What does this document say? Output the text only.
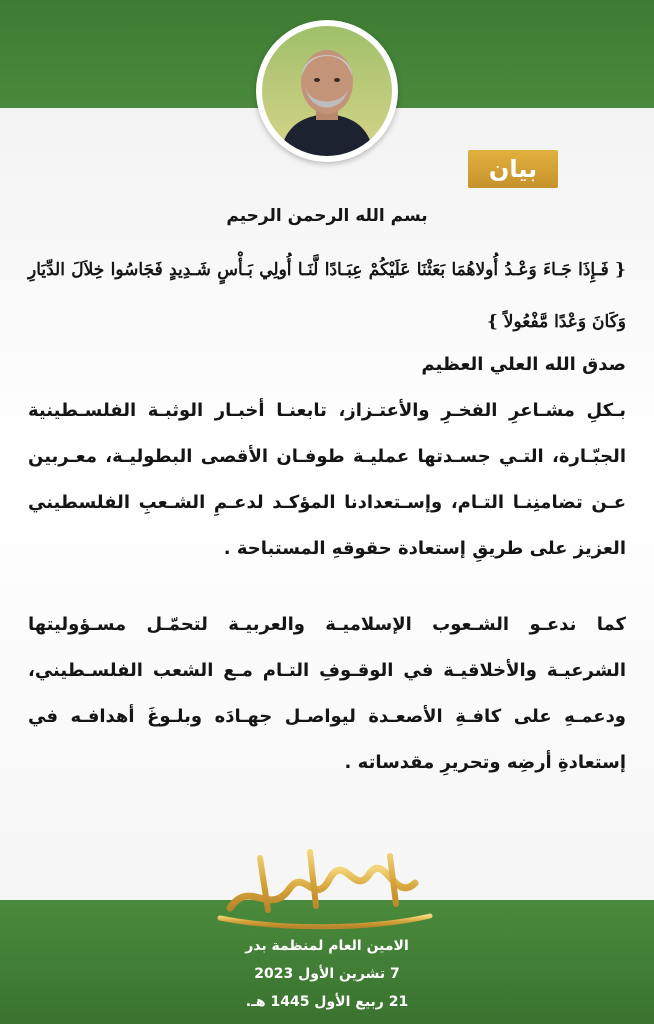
بيان
بسم الله الرحمن الرحيم
{ فَـإِذَا جَـاءَ وَعْـدُ أُولاهُمَا بَعَثْنَا عَلَيْكُمْ عِبَـادًا لَّنَـا أُولِي بَـأْسٍ شَـدِيدٍ فَجَاسُوا خِلاَلَ الدِّيَارِ وَكَانَ وَعْدًا مَّفْعُولاً }
صدق الله العلي العظيم
بـكلِ مشـاعرِ الفخـرِ والأعتـزاز، تابعنـا أخبـار الوثبـة الفلسـطينية الجبّـارة، التـي جسـدتها عمليـة طوفـان الأقصى البطوليـة، معـربين عـن تضامنِنـا التـام، وإسـتعدادنا المؤكـد لدعـمِ الشـعبِ الفلسطيني العزيز على طريقِ إستعادة حقوقهِ المستباحة .
كما ندعـو الشـعوب الإسلاميـة والعربيـة لتحمّـل مسـؤوليتها الشرعيـة والأخلاقيـة في الوقـوفِ التـام مـع الشعب الفلسـطيني، ودعمـهِ على كافـةِ الأصعـدة ليواصـل جهـادَه وبلـوغَ أهدافـه في إستعادةِ أرضِه وتحريرِ مقدساته .
الامين العام لمنظمة بدر
7 تشرين الأول 2023
21 ربيع الأول 1445 هـ.
